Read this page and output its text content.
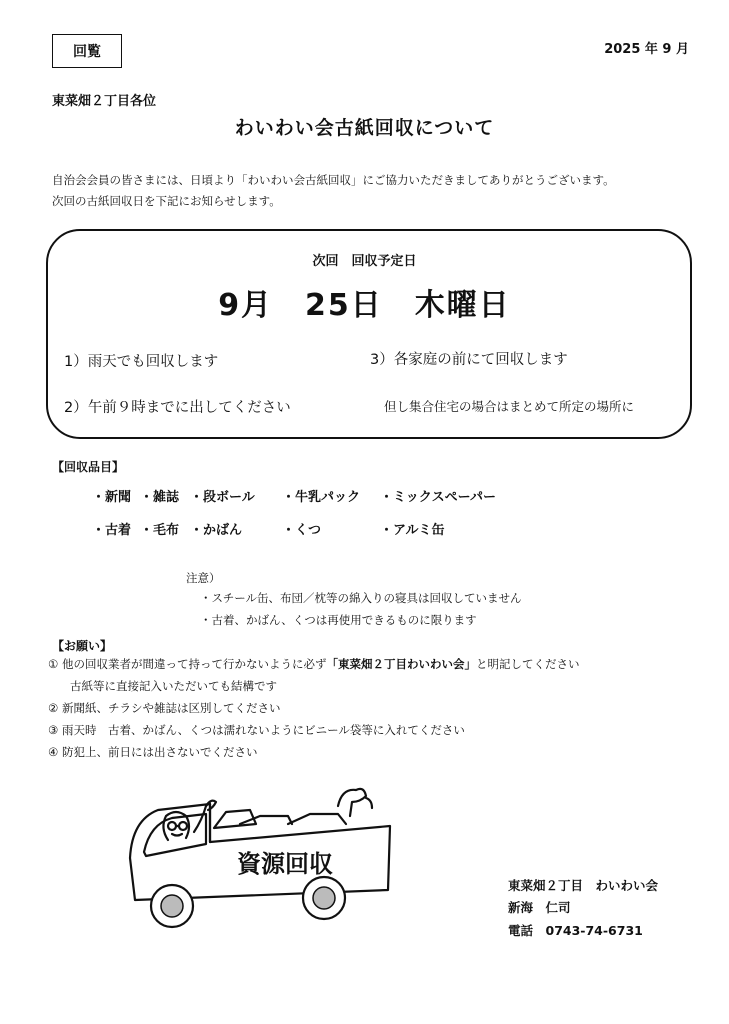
回覧	2025 年 9 月
東菜畑２丁目各位
わいわい会古紙回収について
自治会会員の皆さまには、日頃より「わいわい会古紙回収」にご協力いただきましてありがとうございます。
次回の古紙回収日を下記にお知らせします。
次回　回収予定日
9月　25日　木曜日
1）雨天でも回収します
2）午前９時までに出してください
3）各家庭の前にて回収します
但し集合住宅の場合はまとめて所定の場所に
【回収品目】
・新聞 ・雑誌 ・段ボール ・牛乳パック ・ミックスペーパー
・古着 ・毛布 ・かばん	・くつ	・アルミ缶
注意）
・スチール缶、布団／枕等の綿入りの寝具は回収していません
・古着、かばん、くつは再使用できるものに限ります
【お願い】
① 他の回収業者が間違って持って行かないように必ず「東菜畑２丁目わいわい会」と明記してください
古紙等に直接記入いただいても結構です
② 新聞紙、チラシや雑誌は区別してください
③ 雨天時　古着、かばん、くつは濡れないようにビニール袋等に入れてください
④ 防犯上、前日には出さないでください
資源回収
東菜畑２丁目　わいわい会
新海　仁司
電話　0743-74-6731
